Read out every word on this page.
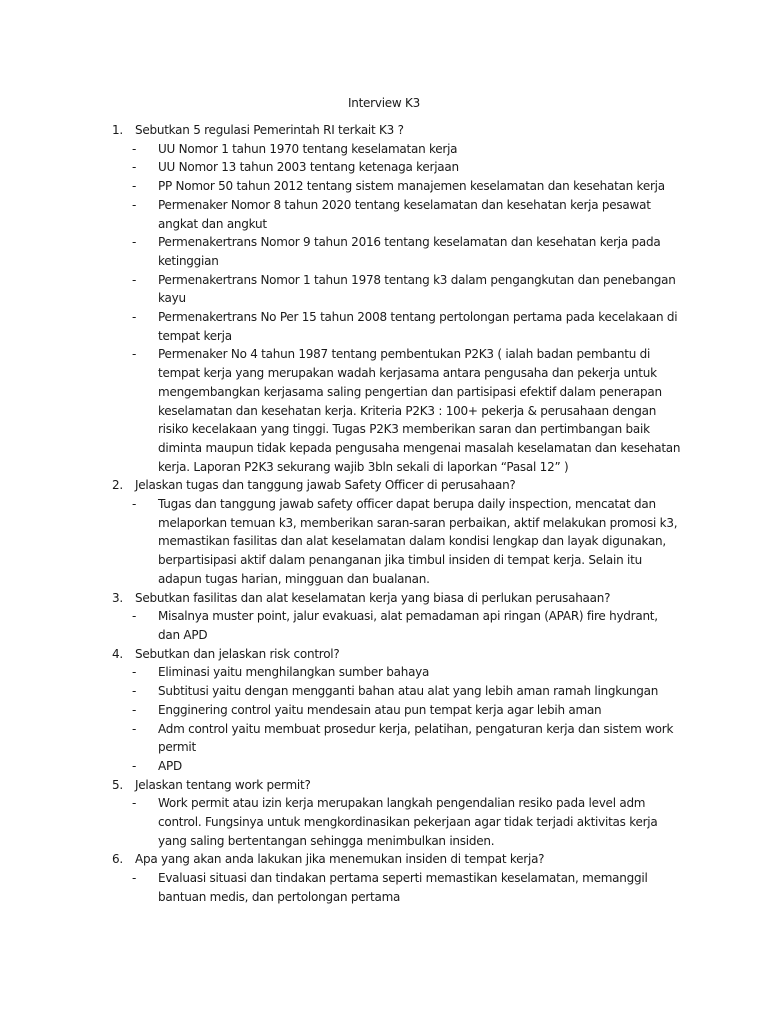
Interview K3
1. Sebutkan 5 regulasi Pemerintah RI terkait K3 ?
- UU Nomor 1 tahun 1970 tentang keselamatan kerja
- UU Nomor 13 tahun 2003 tentang ketenaga kerjaan
- PP Nomor 50 tahun 2012 tentang sistem manajemen keselamatan dan kesehatan kerja
- Permenaker Nomor 8 tahun 2020 tentang keselamatan dan kesehatan kerja pesawat angkat dan angkut
- Permenakertrans Nomor 9 tahun 2016 tentang keselamatan dan kesehatan kerja pada ketinggian
- Permenakertrans Nomor 1 tahun 1978 tentang k3 dalam pengangkutan dan penebangan kayu
- Permenakertrans No Per 15 tahun 2008 tentang pertolongan pertama pada kecelakaan di tempat kerja
- Permenaker No 4 tahun 1987 tentang pembentukan P2K3 ( ialah badan pembantu di tempat kerja yang merupakan wadah kerjasama antara pengusaha dan pekerja untuk mengembangkan kerjasama saling pengertian dan partisipasi efektif dalam penerapan keselamatan dan kesehatan kerja. Kriteria P2K3 : 100+ pekerja & perusahaan dengan risiko kecelakaan yang tinggi. Tugas P2K3 memberikan saran dan pertimbangan baik diminta maupun tidak kepada pengusaha mengenai masalah keselamatan dan kesehatan kerja. Laporan P2K3 sekurang wajib 3bln sekali di laporkan “Pasal 12” )
2. Jelaskan tugas dan tanggung jawab Safety Officer di perusahaan?
- Tugas dan tanggung jawab safety officer dapat berupa daily inspection, mencatat dan melaporkan temuan k3, memberikan saran-saran perbaikan, aktif melakukan promosi k3, memastikan fasilitas dan alat keselamatan dalam kondisi lengkap dan layak digunakan, berpartisipasi aktif dalam penanganan jika timbul insiden di tempat kerja. Selain itu adapun tugas harian, mingguan dan bualanan.
3. Sebutkan fasilitas dan alat keselamatan kerja yang biasa di perlukan perusahaan?
- Misalnya muster point, jalur evakuasi, alat pemadaman api ringan (APAR) fire hydrant, dan APD
4. Sebutkan dan jelaskan risk control?
- Eliminasi yaitu menghilangkan sumber bahaya
- Subtitusi yaitu dengan mengganti bahan atau alat yang lebih aman ramah lingkungan
- Engginering control yaitu mendesain atau pun tempat kerja agar lebih aman
- Adm control yaitu membuat prosedur kerja, pelatihan, pengaturan kerja dan sistem work permit
- APD
5. Jelaskan tentang work permit?
- Work permit atau izin kerja merupakan langkah pengendalian resiko pada level adm control. Fungsinya untuk mengkordinasikan pekerjaan agar tidak terjadi aktivitas kerja yang saling bertentangan sehingga menimbulkan insiden.
6. Apa yang akan anda lakukan jika menemukan insiden di tempat kerja?
- Evaluasi situasi dan tindakan pertama seperti memastikan keselamatan, memanggil bantuan medis, dan pertolongan pertama
